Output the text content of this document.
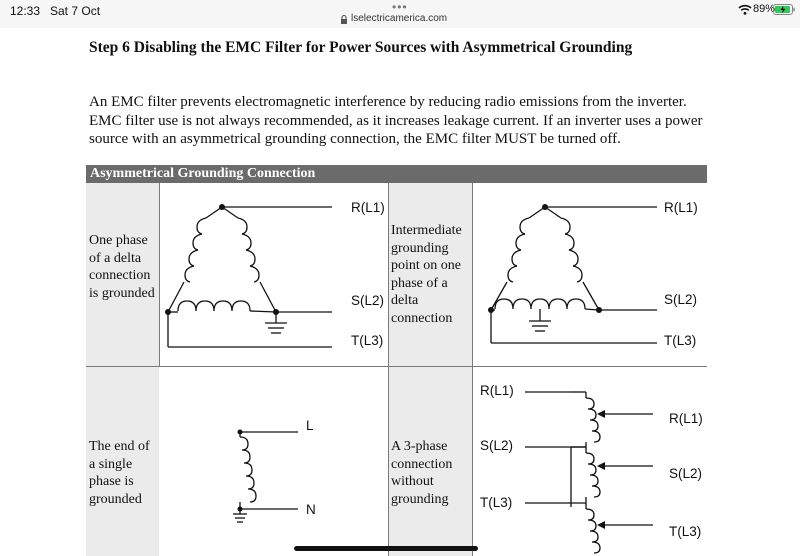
12:33 Sat 7 Oct	•••
lselectricamerica.com
89%
Step 6 Disabling the EMC Filter for Power Sources with Asymmetrical Grounding
An EMC filter prevents electromagnetic interference by reducing radio emissions from the inverter. EMC filter use is not always recommended, as it increases leakage current. If an inverter uses a power source with an asymmetrical grounding connection, the EMC filter MUST be turned off.
Asymmetrical Grounding Connection
One phase of a delta connection is grounded
Intermediate grounding point on one phase of a delta connection
The end of a single phase is grounded
A 3-phase connection without grounding
R(L1)
S(L2)
T(L3)
R(L1)
S(L2)
T(L3)
L
N
R(L1)
S(L2)
T(L3)
R(L1)
S(L2)
T(L3)
